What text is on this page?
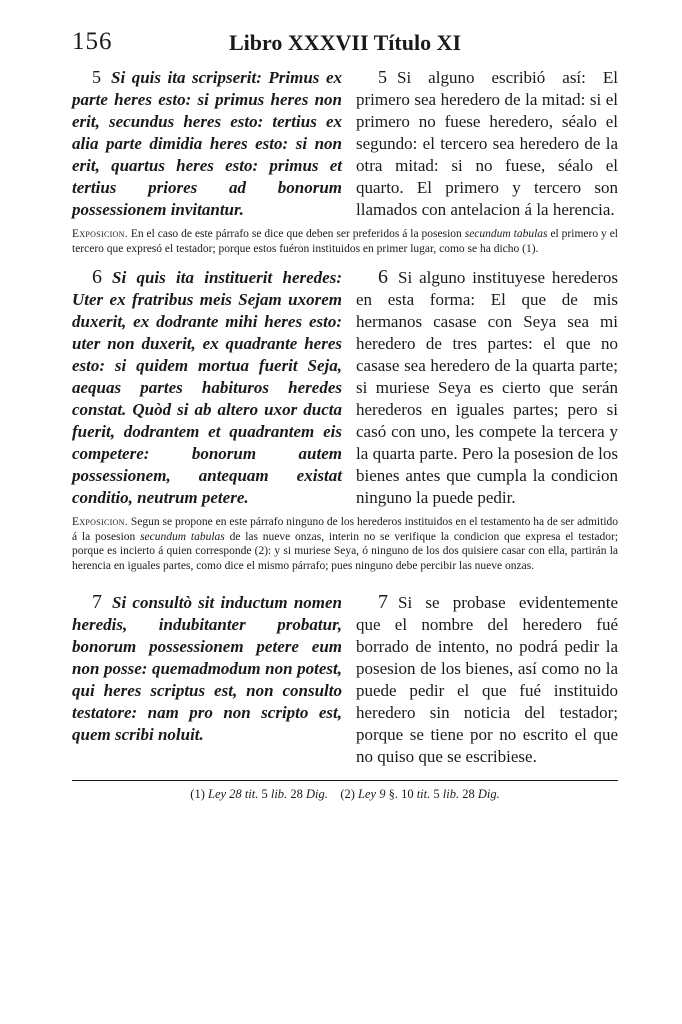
156	Libro XXXVII Título XI

5 Si quis ita scripserit: Primus ex parte heres esto: si primus heres non erit, secundus heres esto: tertius ex alia parte dimidia heres esto: si non erit, quartus heres esto: primus et tertius priores ad bonorum possessionem invitantur.

5 Si alguno escribió así: El primero sea heredero de la mitad: si el primero no fuese heredero, séalo el segundo: el tercero sea heredero de la otra mitad: si no fuese, séalo el quarto. El primero y tercero son llamados con antelacion á la herencia.

Exposicion. En el caso de este párrafo se dice que deben ser preferidos á la posesion secundum tabulas el primero y el tercero que expresó el testador; porque estos fuéron instituidos en primer lugar, como se ha dicho (1).

6 Si quis ita instituerit heredes: Uter ex fratribus meis Sejam uxorem duxerit, ex dodrante mihi heres esto: uter non duxerit, ex quadrante heres esto: si quidem mortua fuerit Seja, aequas partes habituros heredes constat. Quòd si ab altero uxor ducta fuerit, dodrantem et quadrantem eis competere: bonorum autem possessionem, antequam existat conditio, neutrum petere.

6 Si alguno instituyese herederos en esta forma: El que de mis hermanos casase con Seya sea mi heredero de tres partes: el que no casase sea heredero de la quarta parte; si muriese Seya es cierto que serán herederos en iguales partes; pero si casó con uno, les compete la tercera y la quarta parte. Pero la posesion de los bienes antes que cumpla la condicion ninguno la puede pedir.

Exposicion. Segun se propone en este párrafo ninguno de los herederos instituidos en el testamento ha de ser admitido á la posesion secundum tabulas de las nueve onzas, interin no se verifique la condicion que expresa el testador; porque es incierto á quien corresponde (2): y si muriese Seya, ó ninguno de los dos quisiere casar con ella, partirán la herencia en iguales partes, como dice el mismo párrafo; pues ninguno debe percibir las nueve onzas.

7 Si consultò sit inductum nomen heredis, indubitanter probatur, bonorum possessionem petere eum non posse: quemadmodum non potest, qui heres scriptus est, non consulto testatore: nam pro non scripto est, quem scribi noluit.

7 Si se probase evidentemente que el nombre del heredero fué borrado de intento, no podrá pedir la posesion de los bienes, así como no la puede pedir el que fué instituido heredero sin noticia del testador; porque se tiene por no escrito el que no quiso que se escribiese.

(1) Ley 28 tit. 5 lib. 28 Dig. (2) Ley 9 §. 10 tit. 5 lib. 28 Dig.
